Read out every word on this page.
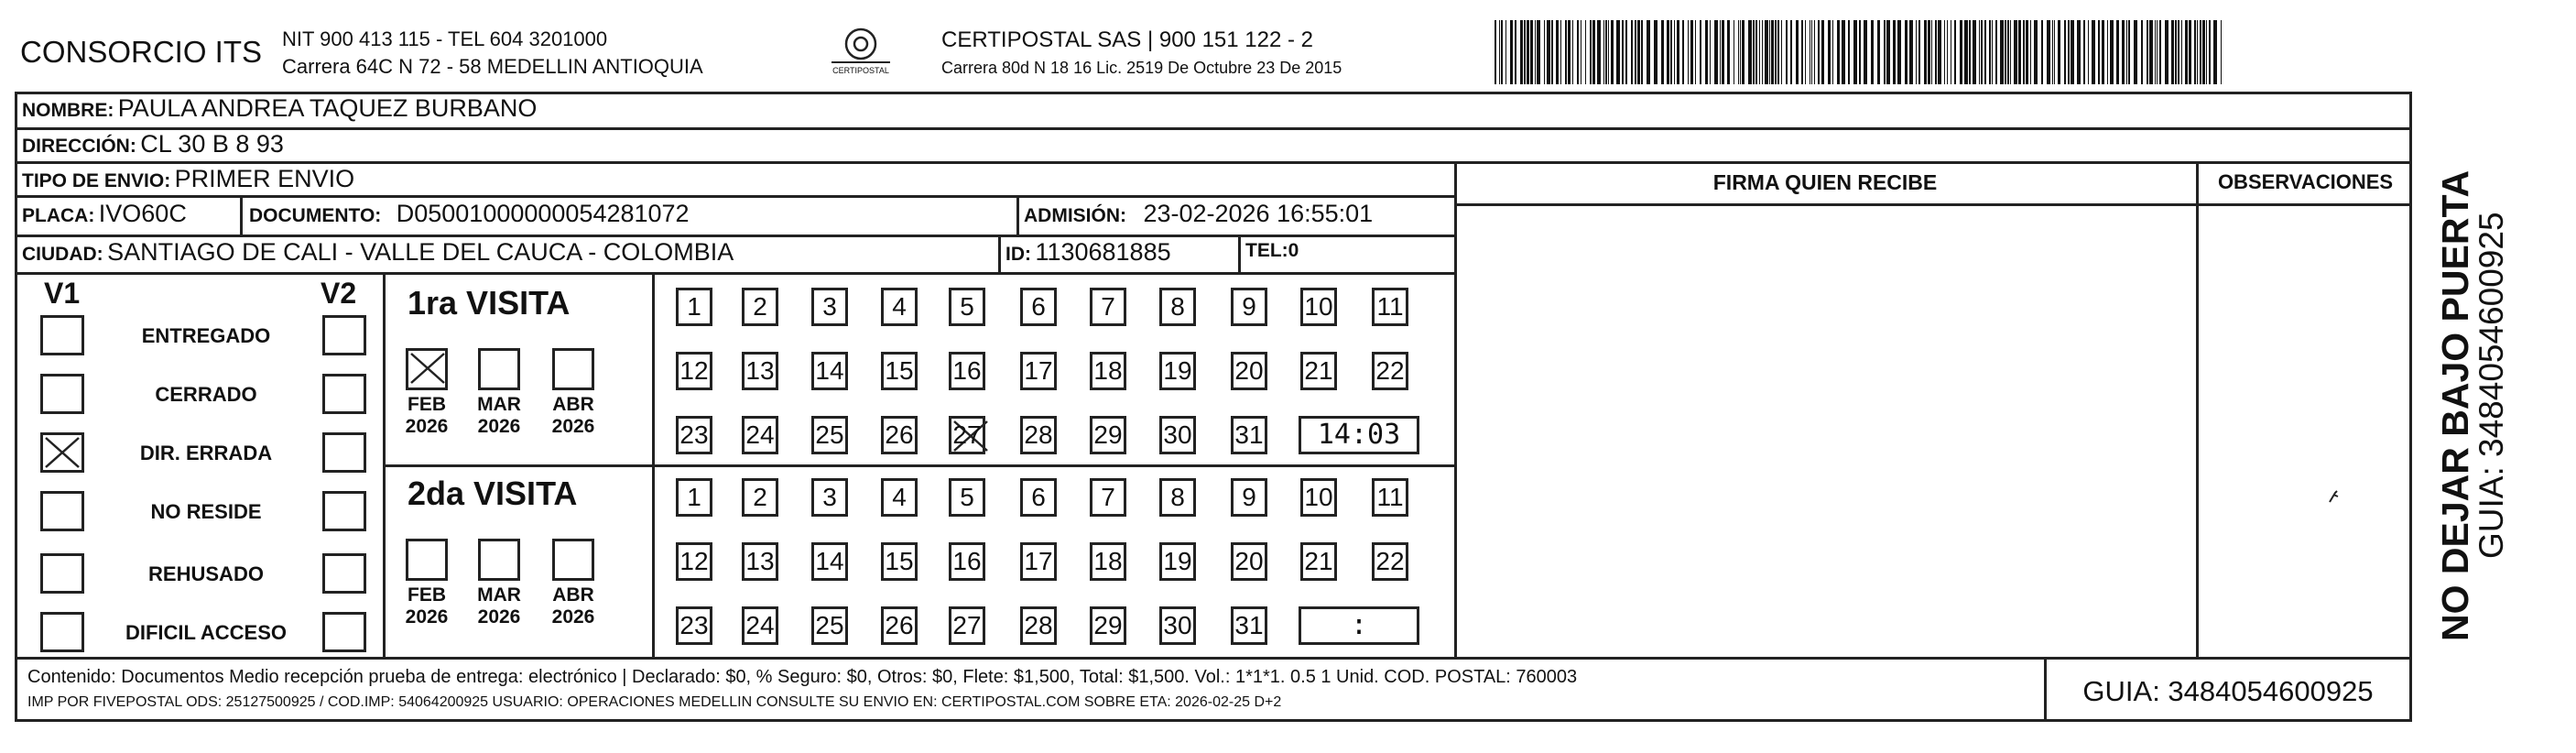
CONSORCIO ITS NIT 900 413 115 - TEL 604 3201000
Carrera 64C N 72 - 58 MEDELLIN ANTIOQUIA	CERTIPOSTAL
CERTIPOSTAL SAS | 900 151 122 - 2
Carrera 80d N 18 16 Lic. 2519 De Octubre 23 De 2015
NOMBRE: PAULA ANDREA TAQUEZ BURBANO
DIRECCIÓN: CL 30 B 8 93
TIPO DE ENVIO: PRIMER ENVIO
PLACA: IVO60C	DOCUMENTO: D05001000000054281072	ADMISIÓN: 23-02-2026 16:55:01
CIUDAD: SANTIAGO DE CALI - VALLE DEL CAUCA - COLOMBIA	ID: 1130681885	TEL:0
FIRMA QUIEN RECIBE	OBSERVACIONES
V1	V2
ENTREGADO
CERRADO
DIR. ERRADA
NO RESIDE
REHUSADO
DIFICIL ACCESO
1ra VISITA
FEB
2026
MAR
2026
ABR
2026
1	2	3	4	5	6	7	8	9	10 11
12 13 14 15 16 17 18 19 20 21 22
23 24 25 26 27 28 29 30 31	14:03
2da VISITA
FEB
2026
MAR
2026
ABR
2026
1	2	3	4	5	6	7	8	9	10 11
12 13 14 15 16 17 18 19 20 21 22
23 24 25 26 27 28 29 30 31	:
Contenido: Documentos Medio recepción prueba de entrega: electrónico | Declarado: $0, % Seguro: $0, Otros: $0, Flete: $1,500, Total: $1,500. Vol.: 1*1*1. 0.5 1 Unid. COD. POSTAL: 760003
IMP POR FIVEPOSTAL ODS: 25127500925 / COD.IMP: 54064200925 USUARIO: OPERACIONES MEDELLIN CONSULTE SU ENVIO EN: CERTIPOSTAL.COM SOBRE ETA: 2026-02-25 D+2	GUIA: 3484054600925
NO DEJAR BAJO PUERTA
GUIA: 3484054600925
